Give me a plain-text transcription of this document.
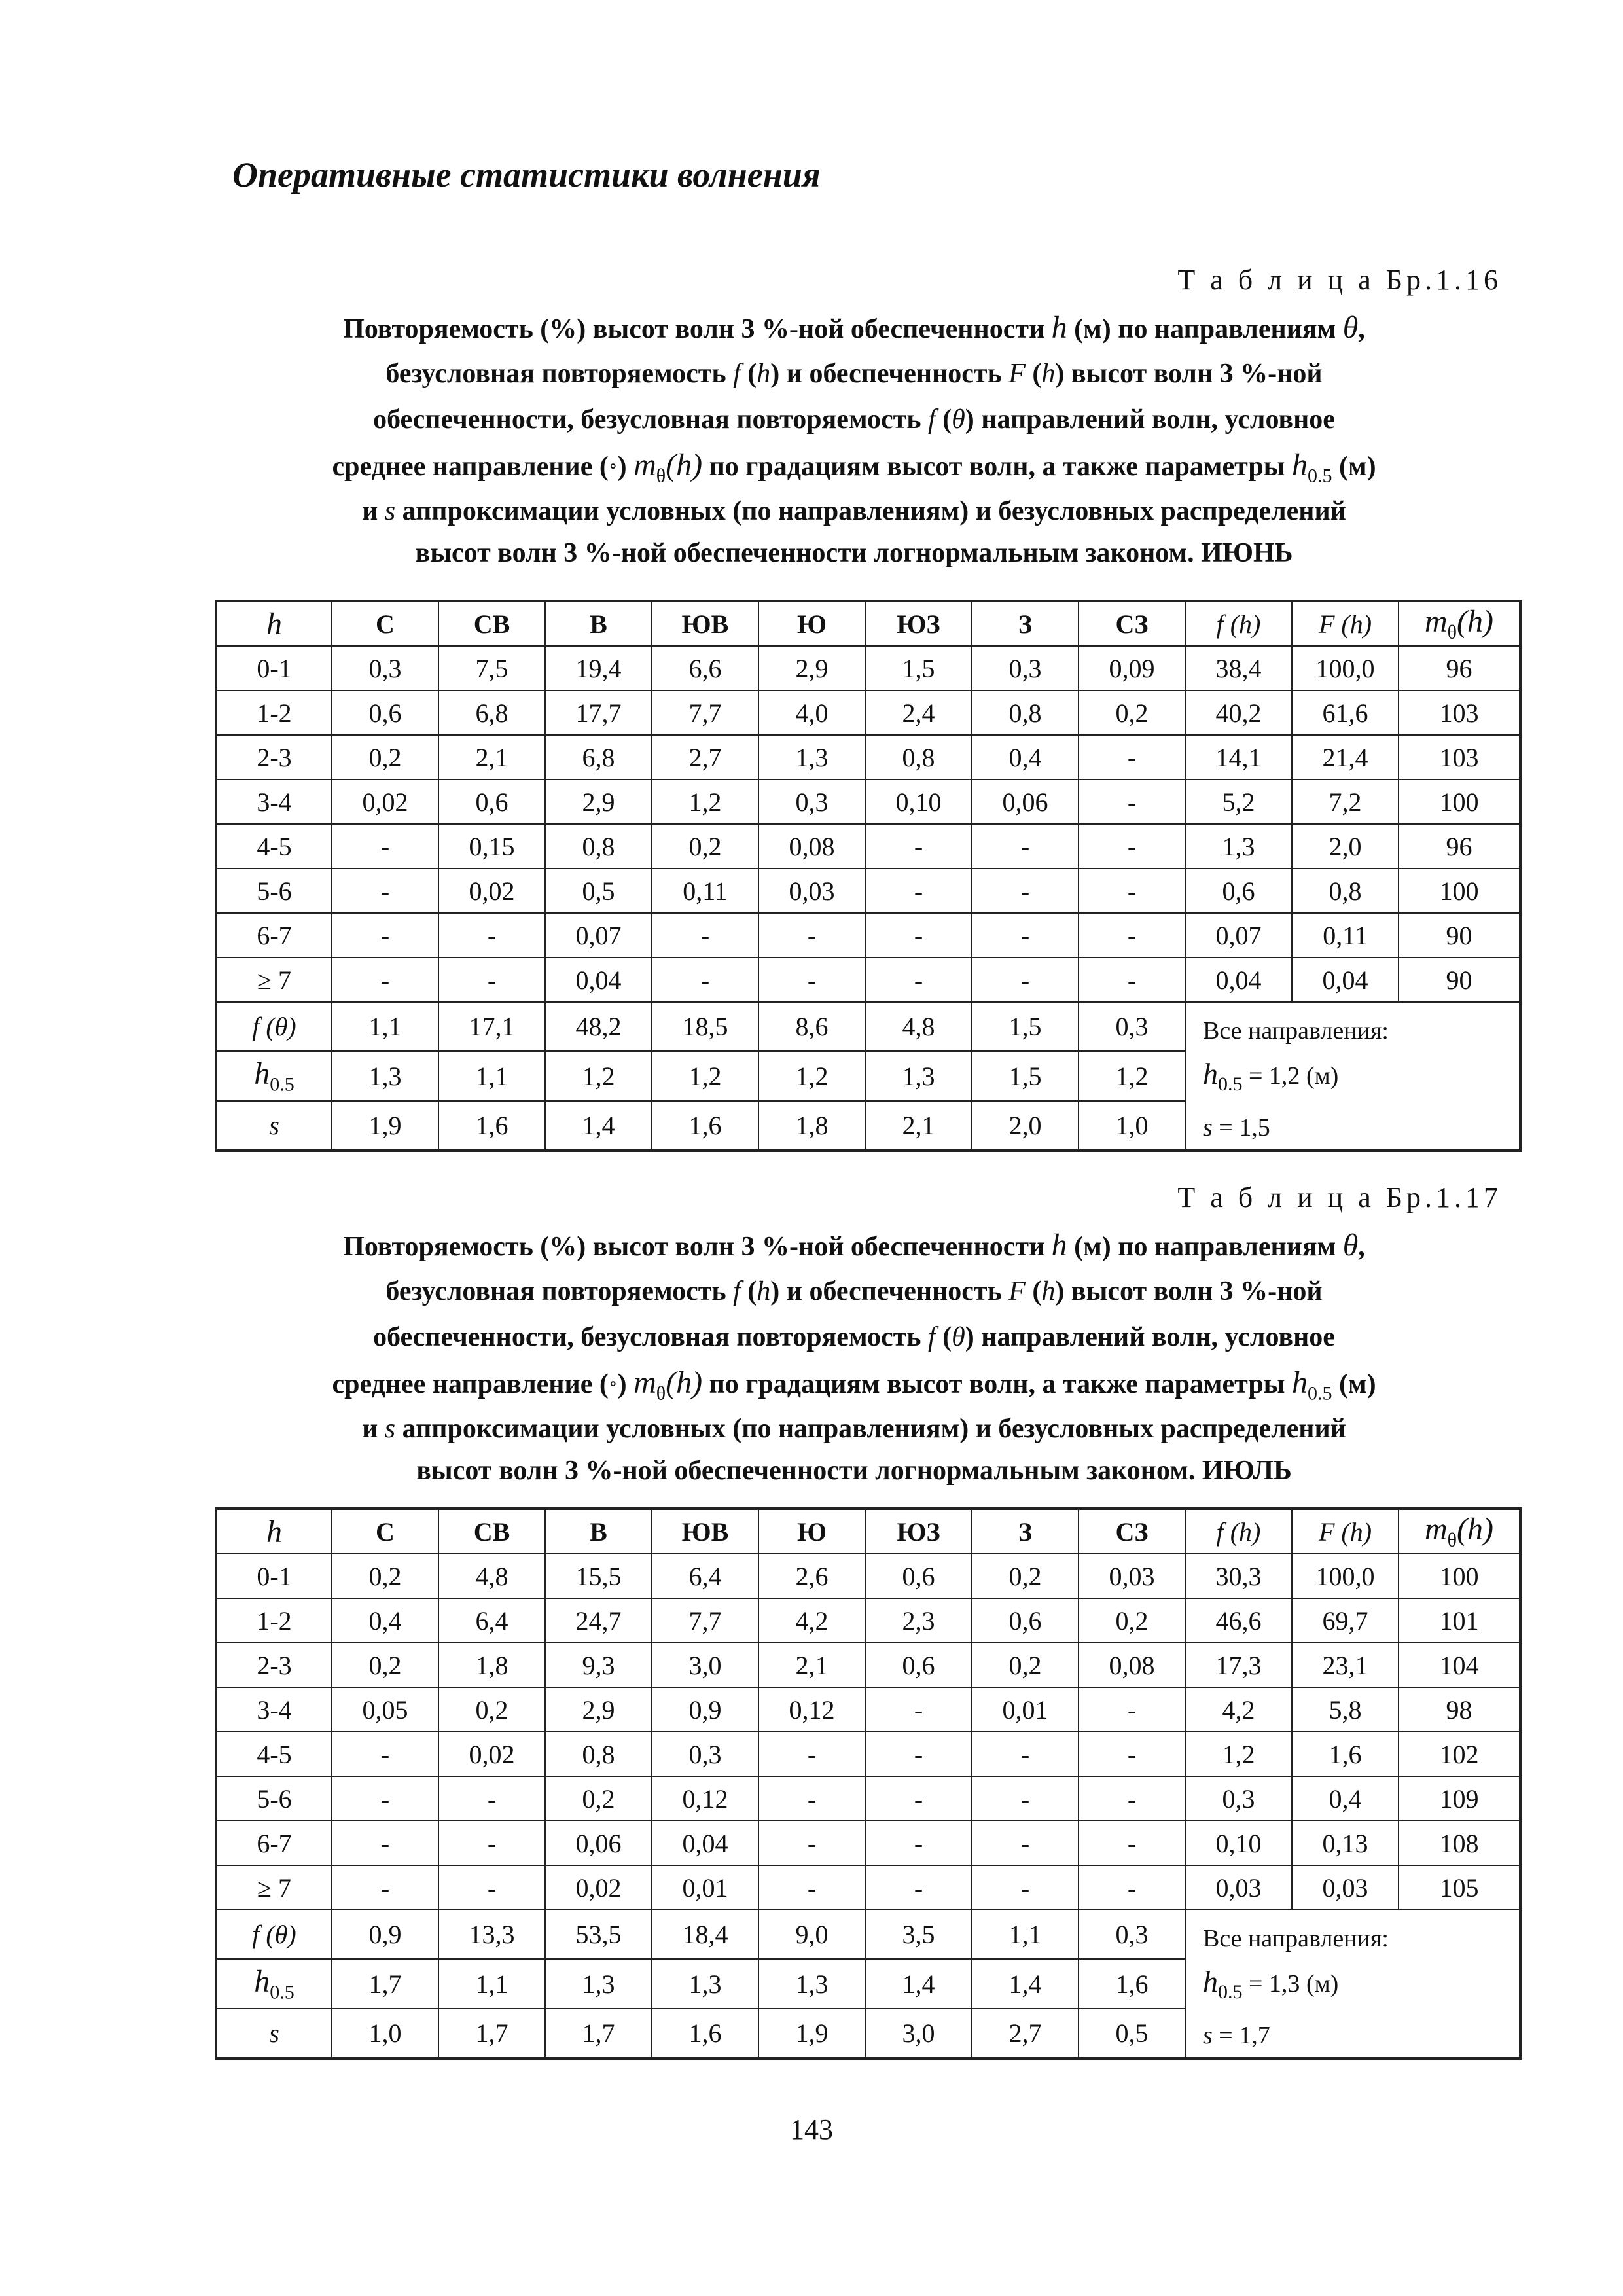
Оперативные статистики волнения
Т а б л и ц а Бр.1.16
Повторяемость (%) высот волн 3 %-ной обеспеченности h (м) по направлениям θ,
безусловная повторяемость f (h) и обеспеченность F (h) высот волн 3 %-ной
обеспеченности, безусловная повторяемость f (θ) направлений волн, условное
среднее направление (∘) $m_\theta(h)$ по градациям высот волн, а также параметры $h_{0.5}$ (м)
и s аппроксимации условных (по направлениям) и безусловных распределений
высот волн 3 %-ной обеспеченности логнормальным законом. ИЮНЬ
h	С	СВ	В	ЮВ	Ю	ЮЗ	З	СЗ	f (h)	F (h)	$m_\theta(h)$
0-1	0,3	7,5	19,4	6,6	2,9	1,5	0,3	0,09	38,4	100,0	96
1-2	0,6	6,8	17,7	7,7	4,0	2,4	0,8	0,2	40,2	61,6	103
2-3	0,2	2,1	6,8	2,7	1,3	0,8	0,4	-	14,1	21,4	103
3-4	0,02	0,6	2,9	1,2	0,3	0,10	0,06	-	5,2	7,2	100
4-5	-	0,15	0,8	0,2	0,08	-	-	-	1,3	2,0	96
5-6	-	0,02	0,5	0,11	0,03	-	-	-	0,6	0,8	100
6-7	-	-	0,07	-	-	-	-	-	0,07	0,11	90
≥ 7	-	-	0,04	-	-	-	-	-	0,04	0,04	90
f (θ)	1,1	17,1	48,2	18,5	8,6	4,8	1,5	0,3	Все направления:
$h_{0.5} = 1,2$ (м)
s = 1,5		

$h_{0.5}$	1,3	1,1	1,2	1,2	1,2	1,3	1,5	1,2			
s	1,9	1,6	1,4	1,6	1,8	2,1	2,0	1,0			
Т а б л и ц а Бр.1.17
Повторяемость (%) высот волн 3 %-ной обеспеченности h (м) по направлениям θ,
безусловная повторяемость f (h) и обеспеченность F (h) высот волн 3 %-ной
обеспеченности, безусловная повторяемость f (θ) направлений волн, условное
среднее направление (∘) $m_\theta(h)$ по градациям высот волн, а также параметры $h_{0.5}$ (м)
и s аппроксимации условных (по направлениям) и безусловных распределений
высот волн 3 %-ной обеспеченности логнормальным законом. ИЮЛЬ
h	С	СВ	В	ЮВ	Ю	ЮЗ	З	СЗ	f (h)	F (h)	$m_\theta(h)$
0-1	0,2	4,8	15,5	6,4	2,6	0,6	0,2	0,03	30,3	100,0	100
1-2	0,4	6,4	24,7	7,7	4,2	2,3	0,6	0,2	46,6	69,7	101
2-3	0,2	1,8	9,3	3,0	2,1	0,6	0,2	0,08	17,3	23,1	104
3-4	0,05	0,2	2,9	0,9	0,12	-	0,01	-	4,2	5,8	98
4-5	-	0,02	0,8	0,3	-	-	-	-	1,2	1,6	102
5-6	-	-	0,2	0,12	-	-	-	-	0,3	0,4	109
6-7	-	-	0,06	0,04	-	-	-	-	0,10	0,13	108
≥ 7	-	-	0,02	0,01	-	-	-	-	0,03	0,03	105
f (θ)	0,9	13,3	53,5	18,4	9,0	3,5	1,1	0,3	Все направления:
$h_{0.5} = 1,3$ (м)
s = 1,7		

$h_{0.5}$	1,7	1,1	1,3	1,3	1,3	1,4	1,4	1,6			
s	1,0	1,7	1,7	1,6	1,9	3,0	2,7	0,5			
143
